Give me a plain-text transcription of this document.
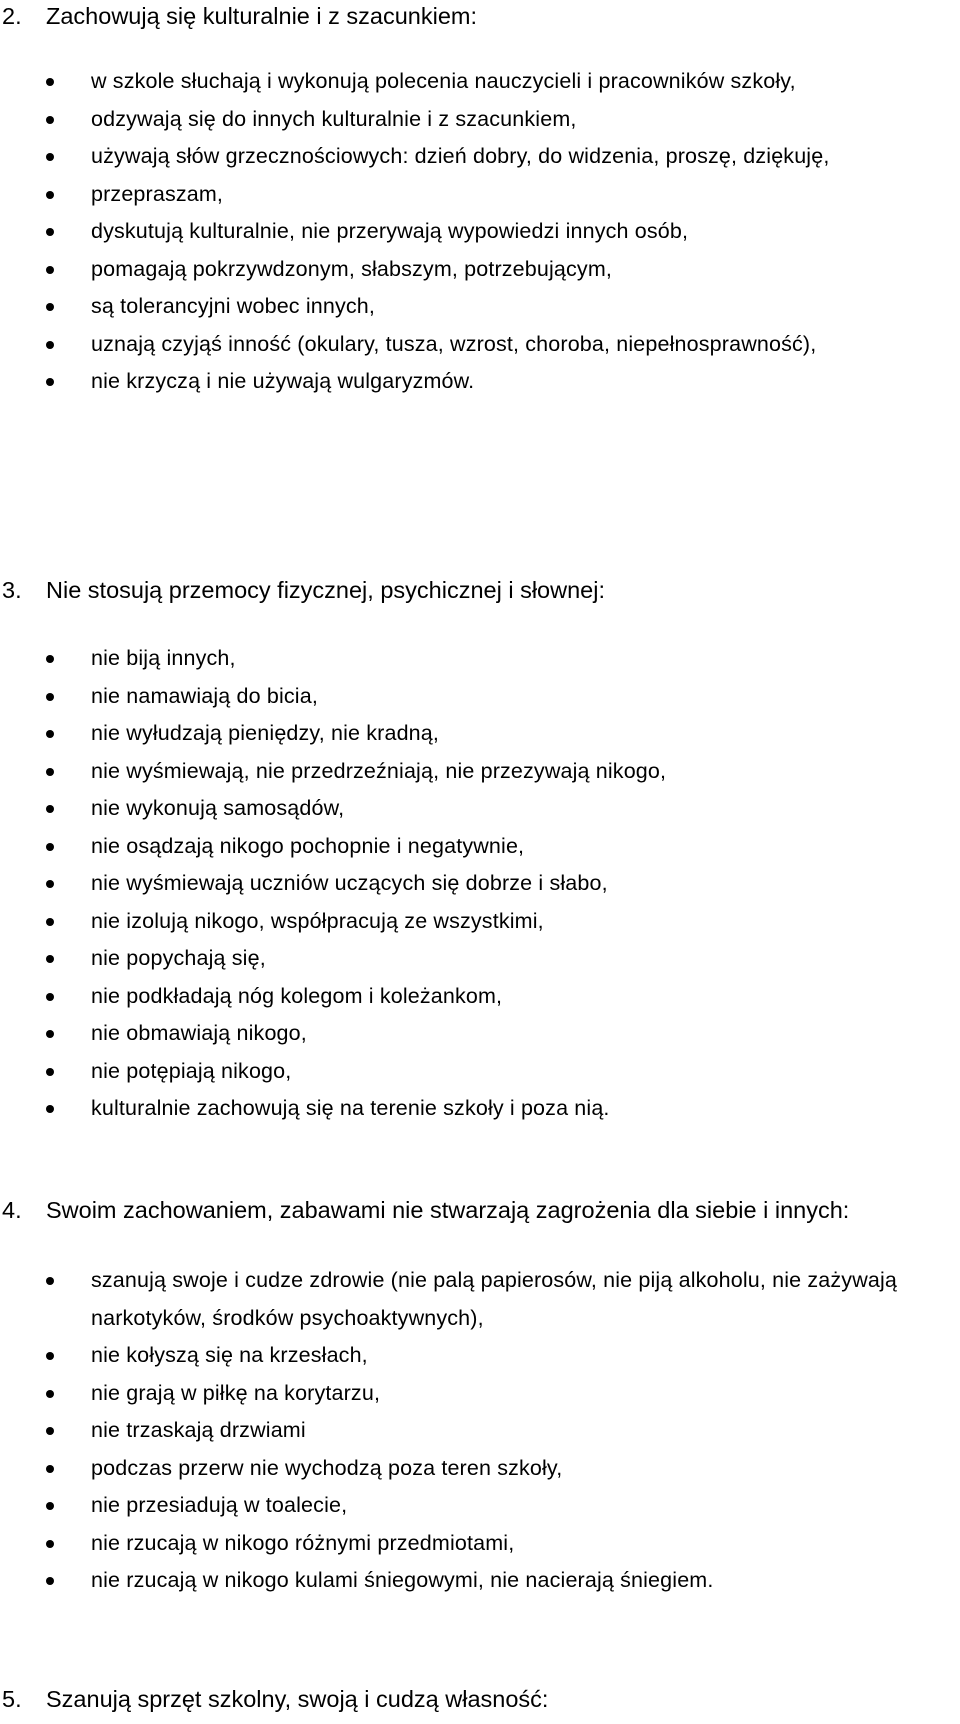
2. Zachowują się kulturalnie i z szacunkiem:
w szkole słuchają i wykonują polecenia nauczycieli i pracowników szkoły,
odzywają się do innych kulturalnie i z szacunkiem,
używają słów grzecznościowych: dzień dobry, do widzenia, proszę, dziękuję,
przepraszam,
dyskutują kulturalnie, nie przerywają wypowiedzi innych osób,
pomagają pokrzywdzonym, słabszym, potrzebującym,
są tolerancyjni wobec innych,
uznają czyjąś inność (okulary, tusza, wzrost, choroba, niepełnosprawność),
nie krzyczą i nie używają wulgaryzmów.
3. Nie stosują przemocy fizycznej, psychicznej i słownej:
nie biją innych,
nie namawiają do bicia,
nie wyłudzają pieniędzy, nie kradną,
nie wyśmiewają, nie przedrzeźniają, nie przezywają nikogo,
nie wykonują samosądów,
nie osądzają nikogo pochopnie i negatywnie,
nie wyśmiewają uczniów uczących się dobrze i słabo,
nie izolują nikogo, współpracują ze wszystkimi,
nie popychają się,
nie podkładają nóg kolegom i koleżankom,
nie obmawiają nikogo,
nie potępiają nikogo,
kulturalnie zachowują się na terenie szkoły i poza nią.
4. Swoim zachowaniem, zabawami nie stwarzają zagrożenia dla siebie i innych:
szanują swoje i cudze zdrowie (nie palą papierosów, nie piją alkoholu, nie zażywają narkotyków, środków psychoaktywnych),
nie kołyszą się na krzesłach,
nie grają w piłkę na korytarzu,
nie trzaskają drzwiami
podczas przerw nie wychodzą poza teren szkoły,
nie przesiadują w toalecie,
nie rzucają w nikogo różnymi przedmiotami,
nie rzucają w nikogo kulami śniegowymi, nie nacierają śniegiem.
5. Szanują sprzęt szkolny, swoją i cudzą własność:
